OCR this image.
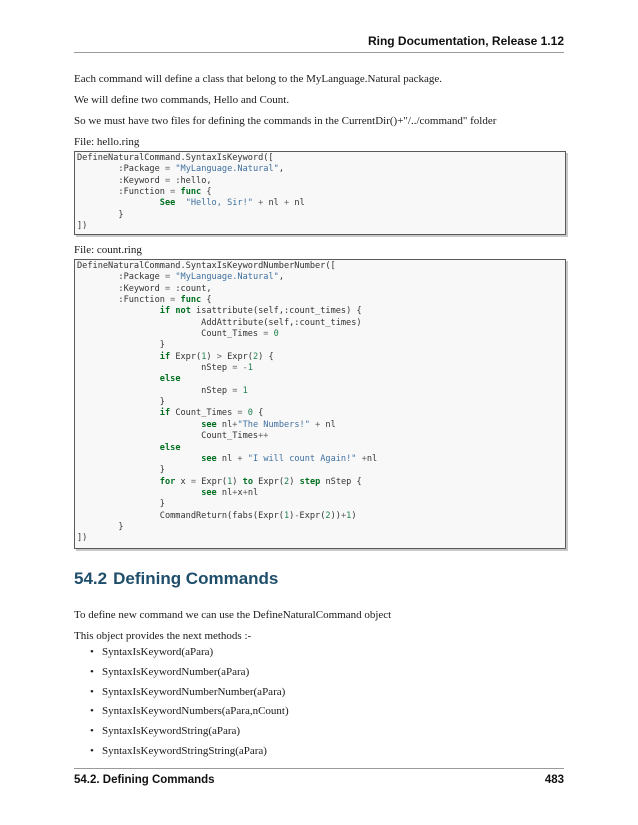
Ring Documentation, Release 1.12
Each command will define a class that belong to the MyLanguage.Natural package.
We will define two commands, Hello and Count.
So we must have two files for defining the commands in the CurrentDir()+"/../command" folder
File: hello.ring
DefineNaturalCommand.SyntaxIsKeyword([
:Package = "MyLanguage.Natural",
:Keyword = :hello,
:Function = func {
See "Hello, Sir!" + nl + nl
}
])
File: count.ring
DefineNaturalCommand.SyntaxIsKeywordNumberNumber([
:Package = "MyLanguage.Natural",
:Keyword = :count,
:Function = func {
if not isattribute(self,:count_times) {
AddAttribute(self,:count_times)
Count_Times = 0
}
if Expr(1) > Expr(2) {
nStep = -1
else
nStep = 1
}
if Count_Times = 0 {
see nl+"The Numbers!" + nl
Count_Times++
else
see nl + "I will count Again!" +nl
}
for x = Expr(1) to Expr(2) step nStep {
see nl+x+nl
}
CommandReturn(fabs(Expr(1)-Expr(2))+1)
}
])
54.2 Defining Commands
To define new command we can use the DefineNaturalCommand object
This object provides the next methods :-
• SyntaxIsKeyword(aPara)
• SyntaxIsKeywordNumber(aPara)
• SyntaxIsKeywordNumberNumber(aPara)
• SyntaxIsKeywordNumbers(aPara,nCount)
• SyntaxIsKeywordString(aPara)
• SyntaxIsKeywordStringString(aPara)
54.2. Defining Commands	483
